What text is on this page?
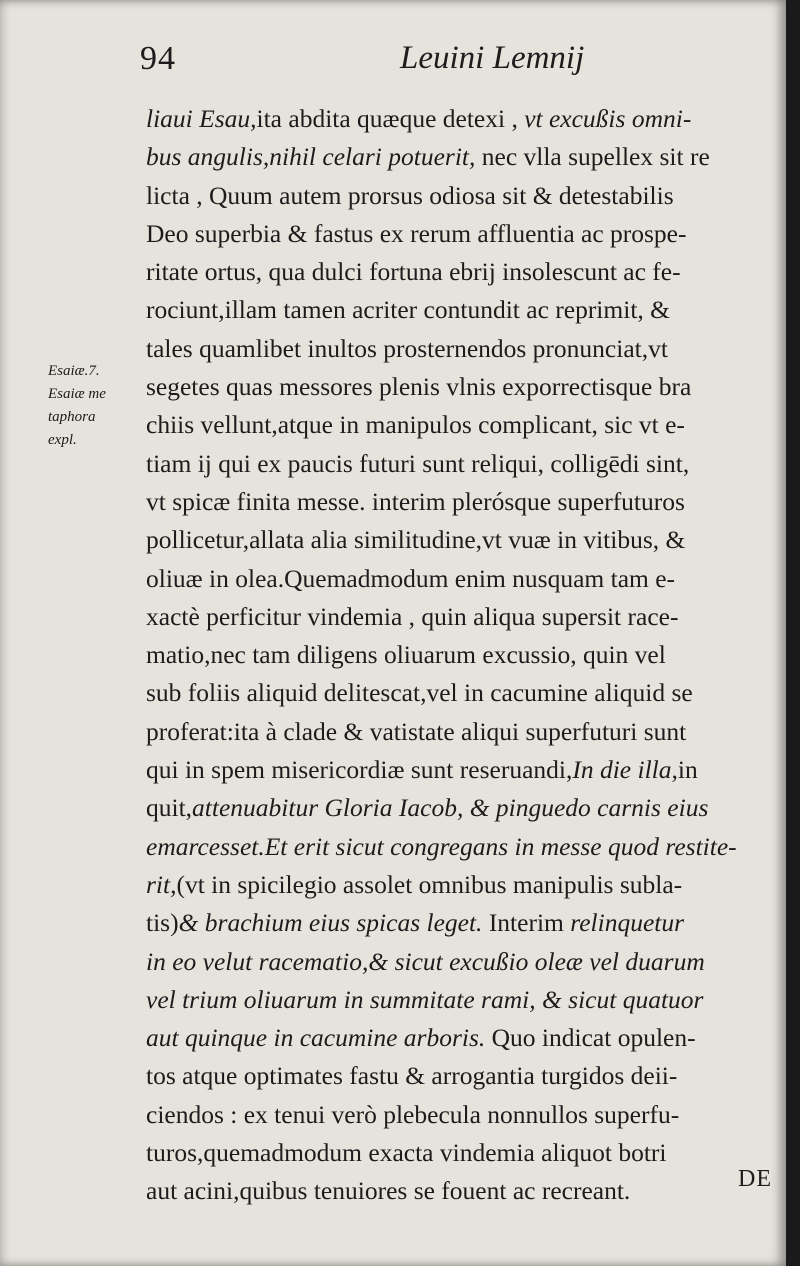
94	Leuini Lemnij
Esaiæ.7.
Esaiæ me
taphora
expl.
liaui Esau,ita abdita quæque detexi , vt excußis omni-
bus angulis,nihil celari potuerit, nec vlla supellex sit re
licta , Quum autem prorsus odiosa sit & detestabilis
Deo superbia & fastus ex rerum affluentia ac prospe-
ritate ortus, qua dulci fortuna ebrij insolescunt ac fe-
rociunt,illam tamen acriter contundit ac reprimit, &
tales quamlibet inultos prosternendos pronunciat,vt
segetes quas messores plenis vlnis exporrectisque bra
chiis vellunt,atque in manipulos complicant, sic vt e-
tiam ij qui ex paucis futuri sunt reliqui, colligēdi sint,
vt spicæ finita messe. interim plerósque superfuturos
pollicetur,allata alia similitudine,vt vuæ in vitibus, &
oliuæ in olea.Quemadmodum enim nusquam tam e-
xactè perficitur vindemia , quin aliqua supersit race-
matio,nec tam diligens oliuarum excussio, quin vel
sub foliis aliquid delitescat,vel in cacumine aliquid se
proferat:ita à clade & vatistate aliqui superfuturi sunt
qui in spem misericordiæ sunt reseruandi,In die illa,in
quit,attenuabitur Gloria Iacob, & pinguedo carnis eius
emarcesset.Et erit sicut congregans in messe quod restite-
rit,(vt in spicilegio assolet omnibus manipulis subla-
tis)& brachium eius spicas leget. Interim relinquetur
in eo velut racematio,& sicut excußio oleæ vel duarum
vel trium oliuarum in summitate rami, & sicut quatuor
aut quinque in cacumine arboris. Quo indicat opulen-
tos atque optimates fastu & arrogantia turgidos deii-
ciendos : ex tenui verò plebecula nonnullos superfu-
turos,quemadmodum exacta vindemia aliquot botri
aut acini,quibus tenuiores se fouent ac recreant.	DE
